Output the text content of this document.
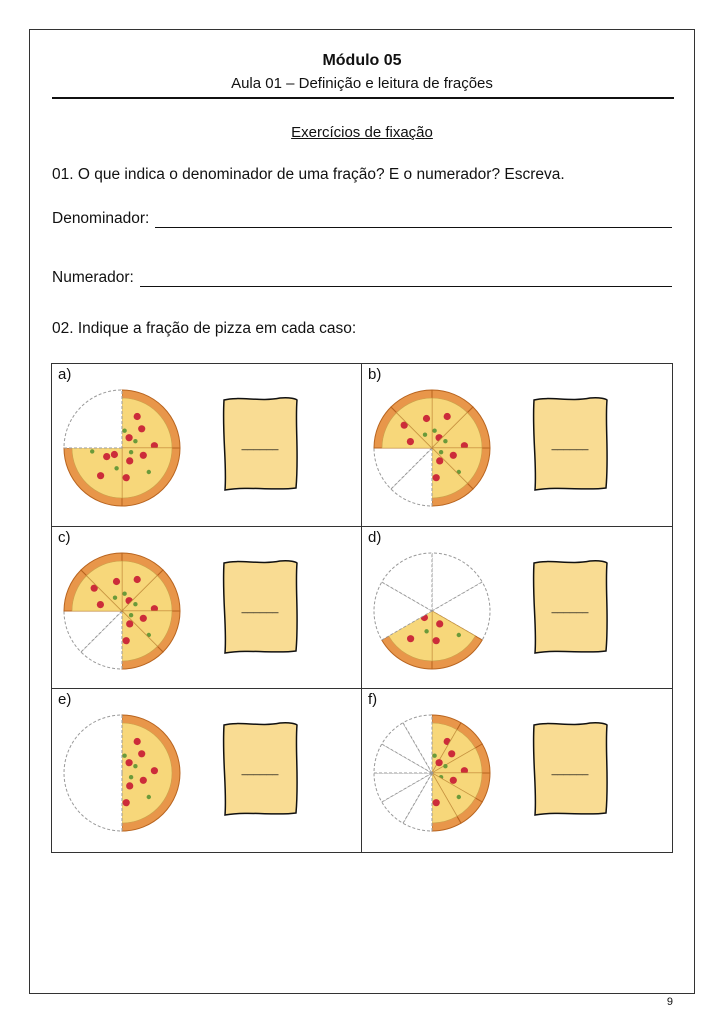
Módulo 05
Aula 01 – Definição e leitura de frações
Exercícios de fixação
01. O que indica o denominador de uma fração? E o numerador? Escreva.
Denominador:
Numerador:
02. Indique a fração de pizza em cada caso:
a)
______
b)
______
c)
______
d)
______
e)
______
f)
______
9
